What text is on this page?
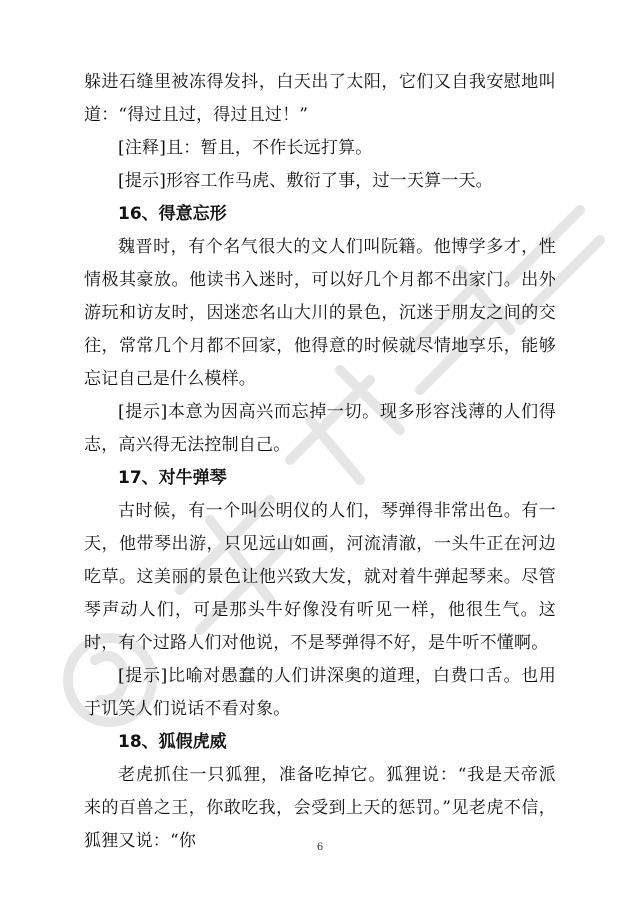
躲进石缝里被冻得发抖，白天出了太阳，它们又自我安慰地叫道：“得过且过，得过且过！”

[注释]且：暂且，不作长远打算。

[提示]形容工作马虎、敷衍了事，过一天算一天。

16、得意忘形

魏晋时，有个名气很大的文人们叫阮籍。他博学多才，性情极其豪放。他读书入迷时，可以好几个月都不出家门。出外游玩和访友时，因迷恋名山大川的景色，沉迷于朋友之间的交往，常常几个月都不回家，他得意的时候就尽情地享乐，能够忘记自己是什么模样。

[提示]本意为因高兴而忘掉一切。现多形容浅薄的人们得志，高兴得无法控制自己。

17、对牛弹琴

古时候，有一个叫公明仪的人们，琴弹得非常出色。有一天，他带琴出游，只见远山如画，河流清澈，一头牛正在河边吃草。这美丽的景色让他兴致大发，就对着牛弹起琴来。尽管琴声动人们，可是那头牛好像没有听见一样，他很生气。这时，有个过路人们对他说，不是琴弹得不好，是牛听不懂啊。

[提示]比喻对愚蠢的人们讲深奥的道理，白费口舌。也用于讥笑人们说话不看对象。

18、狐假虎威

老虎抓住一只狐狸，准备吃掉它。狐狸说：“我是天帝派来的百兽之王，你敢吃我，会受到上天的惩罚。”见老虎不信，狐狸又说：“你	6
